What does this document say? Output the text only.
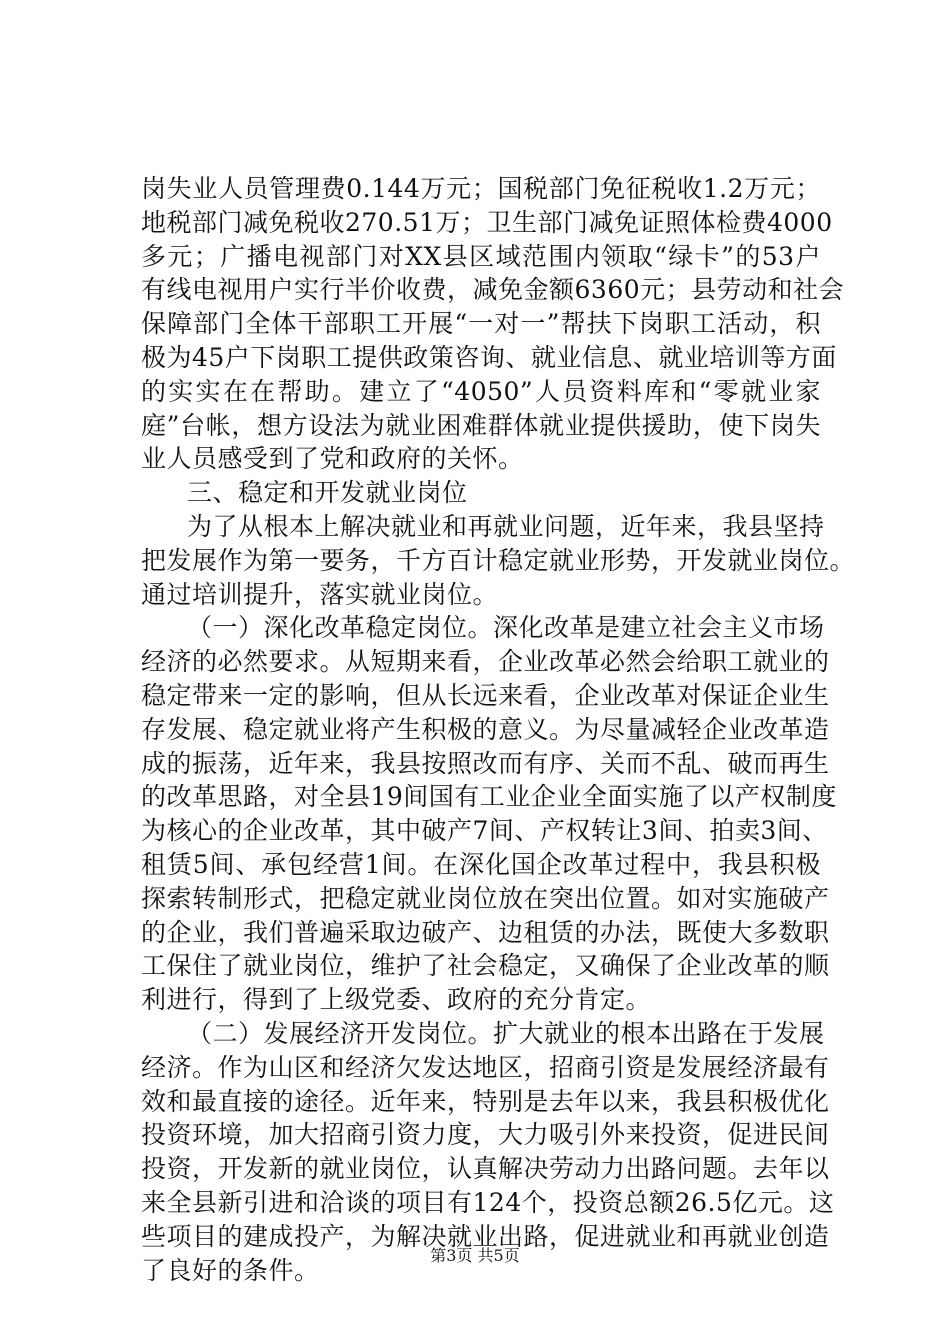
岗失业人员管理费0.144万元；国税部门免征税收1.2万元；
地税部门减免税收270.51万；卫生部门减免证照体检费4000
多元；广播电视部门对XX县区域范围内领取“绿卡”的53户
有线电视用户实行半价收费，减免金额6360元；县劳动和社会
保障部门全体干部职工开展“一对一”帮扶下岗职工活动，积
极为45户下岗职工提供政策咨询、就业信息、就业培训等方面
的实实在在帮助。建立了“4050”人员资料库和“零就业家
庭”台帐，想方设法为就业困难群体就业提供援助，使下岗失
业人员感受到了党和政府的关怀。
三、稳定和开发就业岗位
为了从根本上解决就业和再就业问题，近年来，我县坚持
把发展作为第一要务，千方百计稳定就业形势，开发就业岗位。
通过培训提升，落实就业岗位。
（一）深化改革稳定岗位。深化改革是建立社会主义市场
经济的必然要求。从短期来看，企业改革必然会给职工就业的
稳定带来一定的影响，但从长远来看，企业改革对保证企业生
存发展、稳定就业将产生积极的意义。为尽量减轻企业改革造
成的振荡，近年来，我县按照改而有序、关而不乱、破而再生
的改革思路，对全县19间国有工业企业全面实施了以产权制度
为核心的企业改革，其中破产7间、产权转让3间、拍卖3间、
租赁5间、承包经营1间。在深化国企改革过程中，我县积极
探索转制形式，把稳定就业岗位放在突出位置。如对实施破产
的企业，我们普遍采取边破产、边租赁的办法，既使大多数职
工保住了就业岗位，维护了社会稳定，又确保了企业改革的顺
利进行，得到了上级党委、政府的充分肯定。
（二）发展经济开发岗位。扩大就业的根本出路在于发展
经济。作为山区和经济欠发达地区，招商引资是发展经济最有
效和最直接的途径。近年来，特别是去年以来，我县积极优化
投资环境，加大招商引资力度，大力吸引外来投资，促进民间
投资，开发新的就业岗位，认真解决劳动力出路问题。去年以
来全县新引进和洽谈的项目有124个，投资总额26.5亿元。这
些项目的建成投产，为解决就业出路，促进就业和再就业创造
了良好的条件。	第3页 共5页
